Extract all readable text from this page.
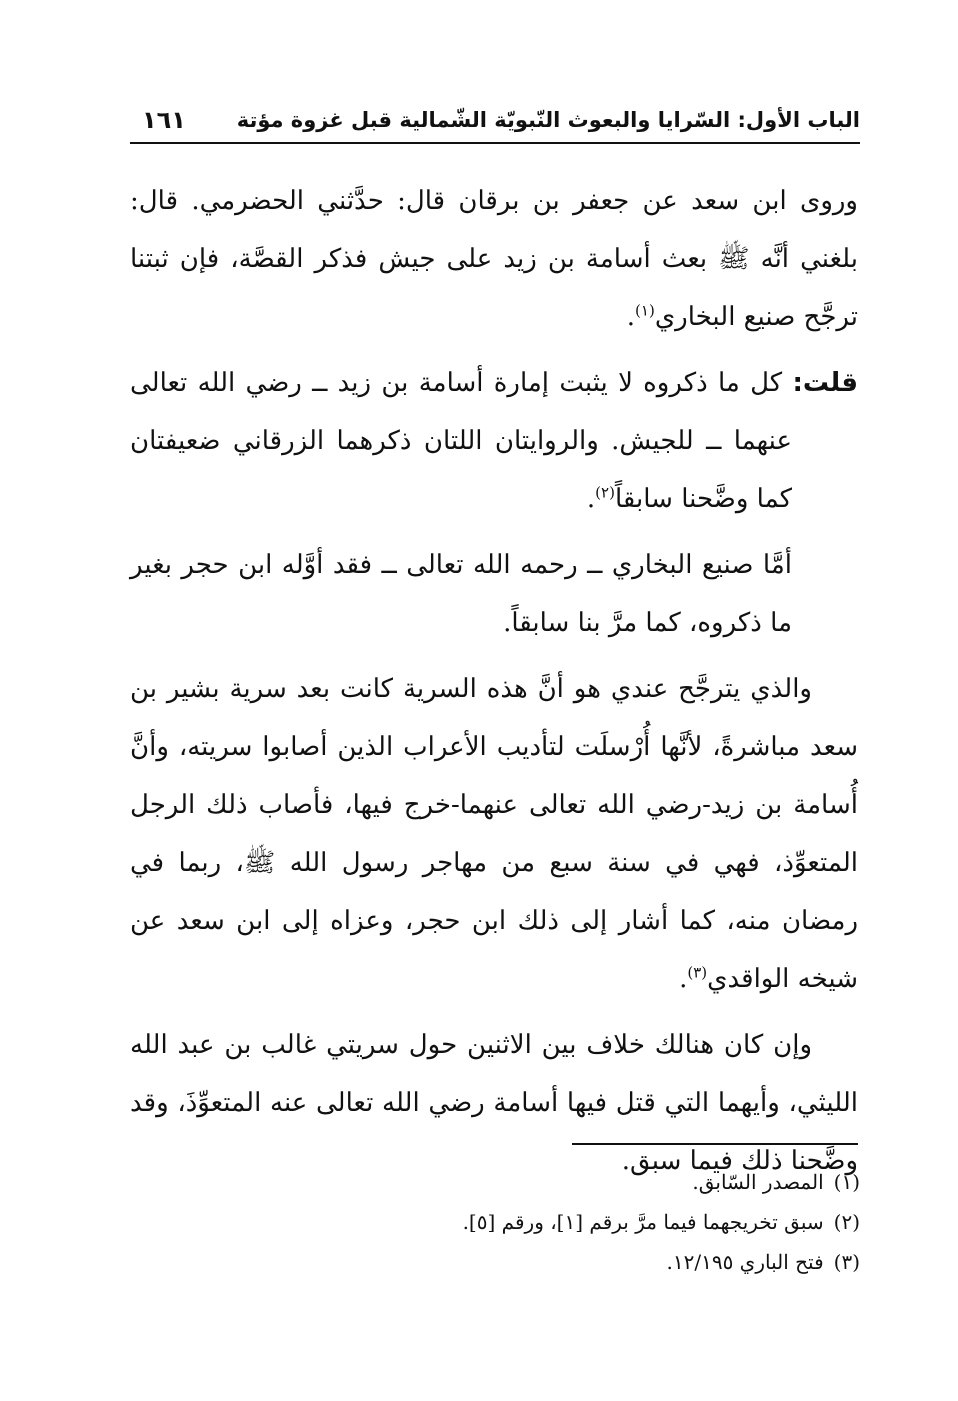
الباب الأول: السّرايا والبعوث النّبويّة الشّمالية قبل غزوة مؤتة
١٦١

وروى ابن سعد عن جعفر بن برقان قال: حدَّثني الحضرمي. قال: بلغني أنَّه ﷺ بعث أسامة بن زيد على جيش فذكر القصَّة، فإن ثبتنا ترجَّح صنيع البخاري$^{(١)}$.

قلت: كل ما ذكروه لا يثبت إمارة أسامة بن زيد ــ رضي الله تعالى عنهما ــ للجيش. والروايتان اللتان ذكرهما الزرقاني ضعيفتان كما وضَّحنا سابقاً$^{(٢)}$.

أمَّا صنيع البخاري ــ رحمه الله تعالى ــ فقد أوَّله ابن حجر بغير ما ذكروه، كما مرَّ بنا سابقاً.

والذي يترجَّح عندي هو أنَّ هذه السرية كانت بعد سرية بشير بن سعد مباشرةً، لأنَّها أُرْسلَت لتأديب الأعراب الذين أصابوا سريته، وأنَّ أُسامة بن زيد-رضي الله تعالى عنهما-خرج فيها، فأصاب ذلك الرجل المتعوِّذ، فهي في سنة سبع من مهاجر رسول الله ﷺ، ربما في رمضان منه، كما أشار إلى ذلك ابن حجر، وعزاه إلى ابن سعد عن شيخه الواقدي$^{(٣)}$.

وإن كان هنالك خلاف بين الاثنين حول سريتي غالب بن عبد الله الليثي، وأيهما التي قتل فيها أسامة رضي الله تعالى عنه المتعوِّذَ، وقد وضَّحنا ذلك فيما سبق.

(١)المصدر السّابق.
(٢)سبق تخريجهما فيما مرَّ برقم [١]، ورقم [٥].
(٣)فتح الباري ١٢/١٩٥.
